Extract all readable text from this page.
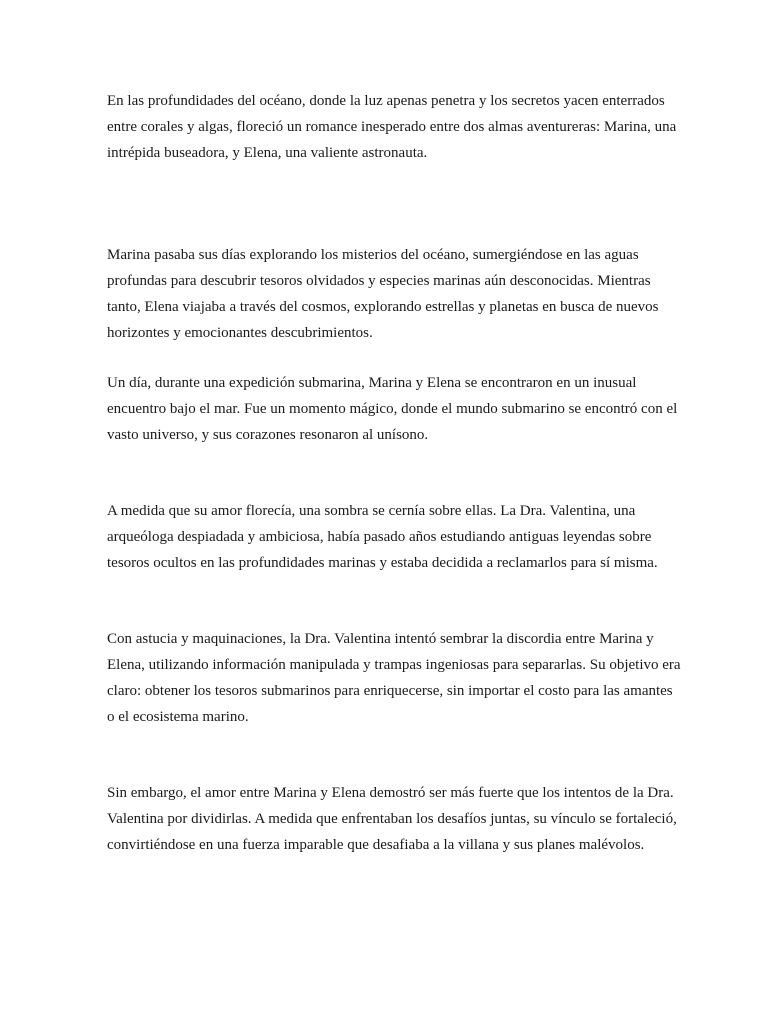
En las profundidades del océano, donde la luz apenas penetra y los secretos yacen enterrados entre corales y algas, floreció un romance inesperado entre dos almas aventureras: Marina, una intrépida buseadora, y Elena, una valiente astronauta.

Marina pasaba sus días explorando los misterios del océano, sumergiéndose en las aguas profundas para descubrir tesoros olvidados y especies marinas aún desconocidas. Mientras tanto, Elena viajaba a través del cosmos, explorando estrellas y planetas en busca de nuevos horizontes y emocionantes descubrimientos.

Un día, durante una expedición submarina, Marina y Elena se encontraron en un inusual encuentro bajo el mar. Fue un momento mágico, donde el mundo submarino se encontró con el vasto universo, y sus corazones resonaron al unísono.

A medida que su amor florecía, una sombra se cernía sobre ellas. La Dra. Valentina, una arqueóloga despiadada y ambiciosa, había pasado años estudiando antiguas leyendas sobre tesoros ocultos en las profundidades marinas y estaba decidida a reclamarlos para sí misma.

Con astucia y maquinaciones, la Dra. Valentina intentó sembrar la discordia entre Marina y Elena, utilizando información manipulada y trampas ingeniosas para separarlas. Su objetivo era claro: obtener los tesoros submarinos para enriquecerse, sin importar el costo para las amantes o el ecosistema marino.

Sin embargo, el amor entre Marina y Elena demostró ser más fuerte que los intentos de la Dra. Valentina por dividirlas. A medida que enfrentaban los desafíos juntas, su vínculo se fortaleció, convirtiéndose en una fuerza imparable que desafiaba a la villana y sus planes malévolos.
